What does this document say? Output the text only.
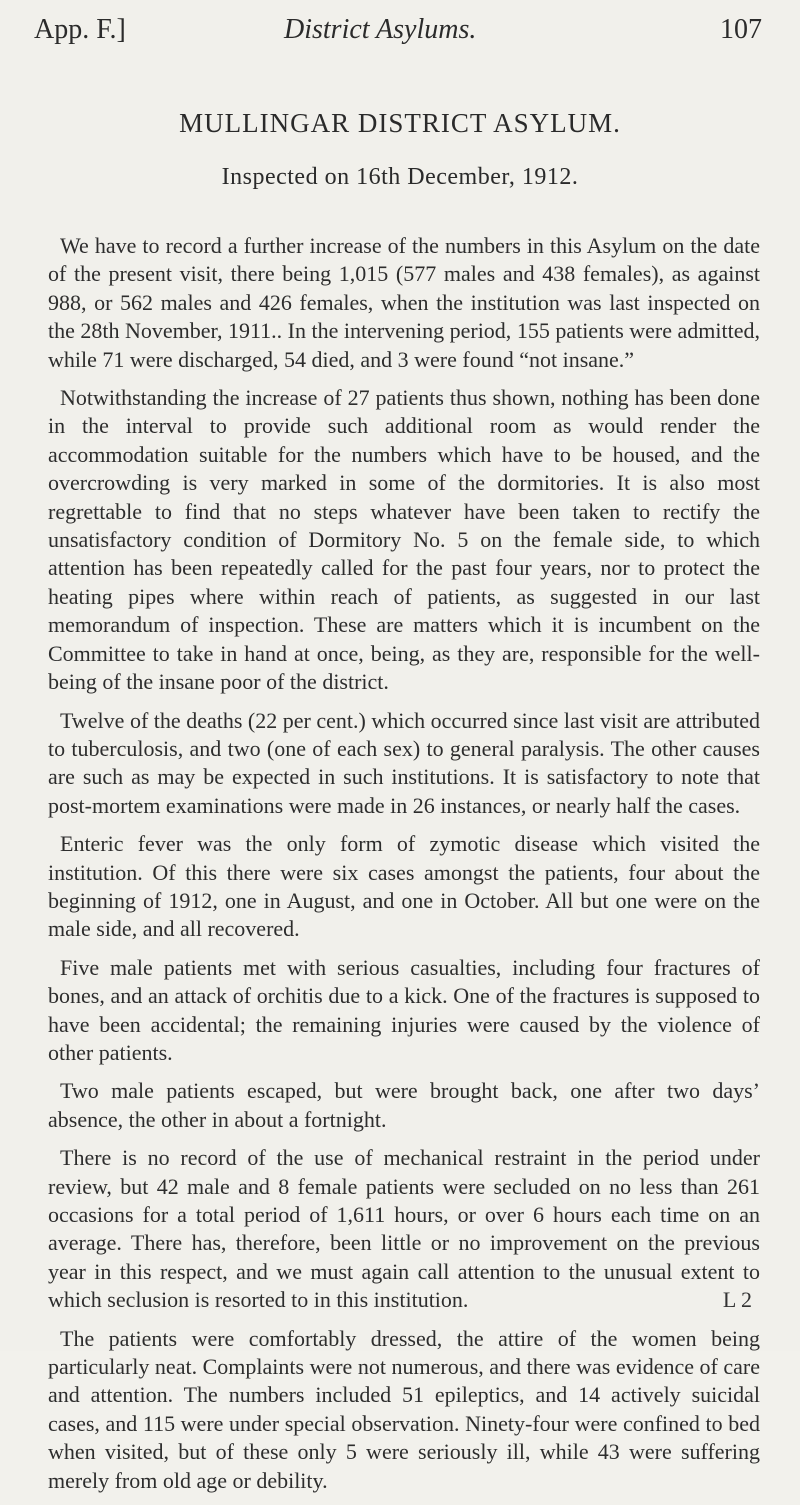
App. F.]	District Asylums.	107
MULLINGAR DISTRICT ASYLUM.
Inspected on 16th December, 1912.

We have to record a further increase of the numbers in this Asylum on the date of the present visit, there being 1,015 (577 males and 438 females), as against 988, or 562 males and 426 females, when the institution was last inspected on the 28th November, 1911.. In the intervening period, 155 patients were admitted, while 71 were discharged, 54 died, and 3 were found “not insane.”

Notwithstanding the increase of 27 patients thus shown, nothing has been done in the interval to provide such additional room as would render the accommodation suitable for the numbers which have to be housed, and the overcrowding is very marked in some of the dormitories. It is also most regrettable to find that no steps whatever have been taken to rectify the unsatisfactory condition of Dormitory No. 5 on the female side, to which attention has been repeatedly called for the past four years, nor to protect the heating pipes where within reach of patients, as suggested in our last memorandum of inspection. These are matters which it is incumbent on the Committee to take in hand at once, being, as they are, responsible for the well-being of the insane poor of the district.

Twelve of the deaths (22 per cent.) which occurred since last visit are attributed to tuberculosis, and two (one of each sex) to general paralysis. The other causes are such as may be expected in such institutions. It is satisfactory to note that post-mortem examinations were made in 26 instances, or nearly half the cases.

Enteric fever was the only form of zymotic disease which visited the institution. Of this there were six cases amongst the patients, four about the beginning of 1912, one in August, and one in October. All but one were on the male side, and all recovered.

Five male patients met with serious casualties, including four fractures of bones, and an attack of orchitis due to a kick. One of the fractures is supposed to have been accidental; the remaining injuries were caused by the violence of other patients.

Two male patients escaped, but were brought back, one after two days’ absence, the other in about a fortnight.

There is no record of the use of mechanical restraint in the period under review, but 42 male and 8 female patients were secluded on no less than 261 occasions for a total period of 1,611 hours, or over 6 hours each time on an average. There has, therefore, been little or no improvement on the previous year in this respect, and we must again call attention to the unusual extent to which seclusion is resorted to in this institution.

The patients were comfortably dressed, the attire of the women being particularly neat. Complaints were not numerous, and there was evidence of care and attention. The numbers included 51 epileptics, and 14 actively suicidal cases, and 115 were under special observation. Ninety-four were confined to bed when visited, but of these only 5 were seriously ill, while 43 were suffering merely from old age or debility.

L 2
